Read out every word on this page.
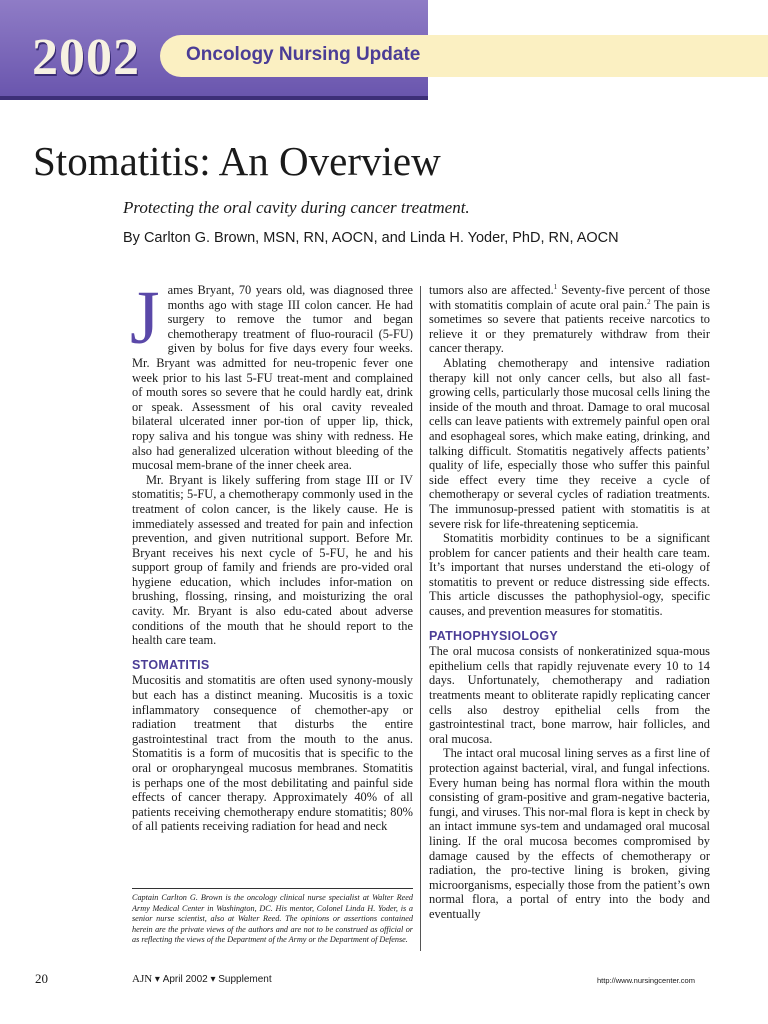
2002 Oncology Nursing Update
Stomatitis: An Overview
Protecting the oral cavity during cancer treatment.
By Carlton G. Brown, MSN, RN, AOCN, and Linda H. Yoder, PhD, RN, AOCN

James Bryant, 70 years old, was diagnosed three months ago with stage III colon cancer. He had surgery to remove the tumor and began chemotherapy treatment of fluo-rouracil (5-FU) given by bolus for five days every four weeks. Mr. Bryant was admitted for neu-tropenic fever one week prior to his last 5-FU treat-ment and complained of mouth sores so severe that he could hardly eat, drink or speak. Assessment of his oral cavity revealed bilateral ulcerated inner por-tion of upper lip, thick, ropy saliva and his tongue was shiny with redness. He also had generalized ulceration without bleeding of the mucosal mem-brane of the inner cheek area.

Mr. Bryant is likely suffering from stage III or IV stomatitis; 5-FU, a chemotherapy commonly used in the treatment of colon cancer, is the likely cause. He is immediately assessed and treated for pain and infection prevention, and given nutritional support. Before Mr. Bryant receives his next cycle of 5-FU, he and his support group of family and friends are pro-vided oral hygiene education, which includes infor-mation on brushing, flossing, rinsing, and moisturizing the oral cavity. Mr. Bryant is also edu-cated about adverse conditions of the mouth that he should report to the health care team.

STOMATITIS

Mucositis and stomatitis are often used synony-mously but each has a distinct meaning. Mucositis is a toxic inflammatory consequence of chemother-apy or radiation treatment that disturbs the entire gastrointestinal tract from the mouth to the anus. Stomatitis is a form of mucositis that is specific to the oral or oropharyngeal mucosus membranes. Stomatitis is perhaps one of the most debilitating and painful side effects of cancer therapy. Approximately 40% of all patients receiving chemotherapy endure stomatitis; 80% of all patients receiving radiation for head and neck

tumors also are affected.$^1$ Seventy-five percent of those with stomatitis complain of acute oral pain.$^2$ The pain is sometimes so severe that patients receive narcotics to relieve it or they prematurely withdraw from their cancer therapy.

Ablating chemotherapy and intensive radiation therapy kill not only cancer cells, but also all fast-growing cells, particularly those mucosal cells lining the inside of the mouth and throat. Damage to oral mucosal cells can leave patients with extremely painful open oral and esophageal sores, which make eating, drinking, and talking difficult. Stomatitis negatively affects patients’ quality of life, especially those who suffer this painful side effect every time they receive a cycle of chemotherapy or several cycles of radiation treatments. The immunosup-pressed patient with stomatitis is at severe risk for life-threatening septicemia.

Stomatitis morbidity continues to be a significant problem for cancer patients and their health care team. It’s important that nurses understand the eti-ology of stomatitis to prevent or reduce distressing side effects. This article discusses the pathophysiol-ogy, specific causes, and prevention measures for stomatitis.

PATHOPHYSIOLOGY

The oral mucosa consists of nonkeratinized squa-mous epithelium cells that rapidly rejuvenate every 10 to 14 days. Unfortunately, chemotherapy and radiation treatments meant to obliterate rapidly replicating cancer cells also destroy epithelial cells from the gastrointestinal tract, bone marrow, hair follicles, and oral mucosa.

The intact oral mucosal lining serves as a first line of protection against bacterial, viral, and fungal infections. Every human being has normal flora within the mouth consisting of gram-positive and gram-negative bacteria, fungi, and viruses. This nor-mal flora is kept in check by an intact immune sys-tem and undamaged oral mucosal lining. If the oral mucosa becomes compromised by damage caused by the effects of chemotherapy or radiation, the pro-tective lining is broken, giving microorganisms, especially those from the patient’s own normal flora, a portal of entry into the body and eventually

Captain Carlton G. Brown is the oncology clinical nurse specialist at Walter Reed Army Medical Center in Washington, DC. His mentor, Colonel Linda H. Yoder, is a senior nurse scientist, also at Walter Reed. The opinions or assertions contained herein are the private views of the authors and are not to be construed as official or as reflecting the views of the Department of the Army or the Department of Defense.
20	AJN ▾ April 2002 ▾ Supplement	http://www.nursingcenter.com
